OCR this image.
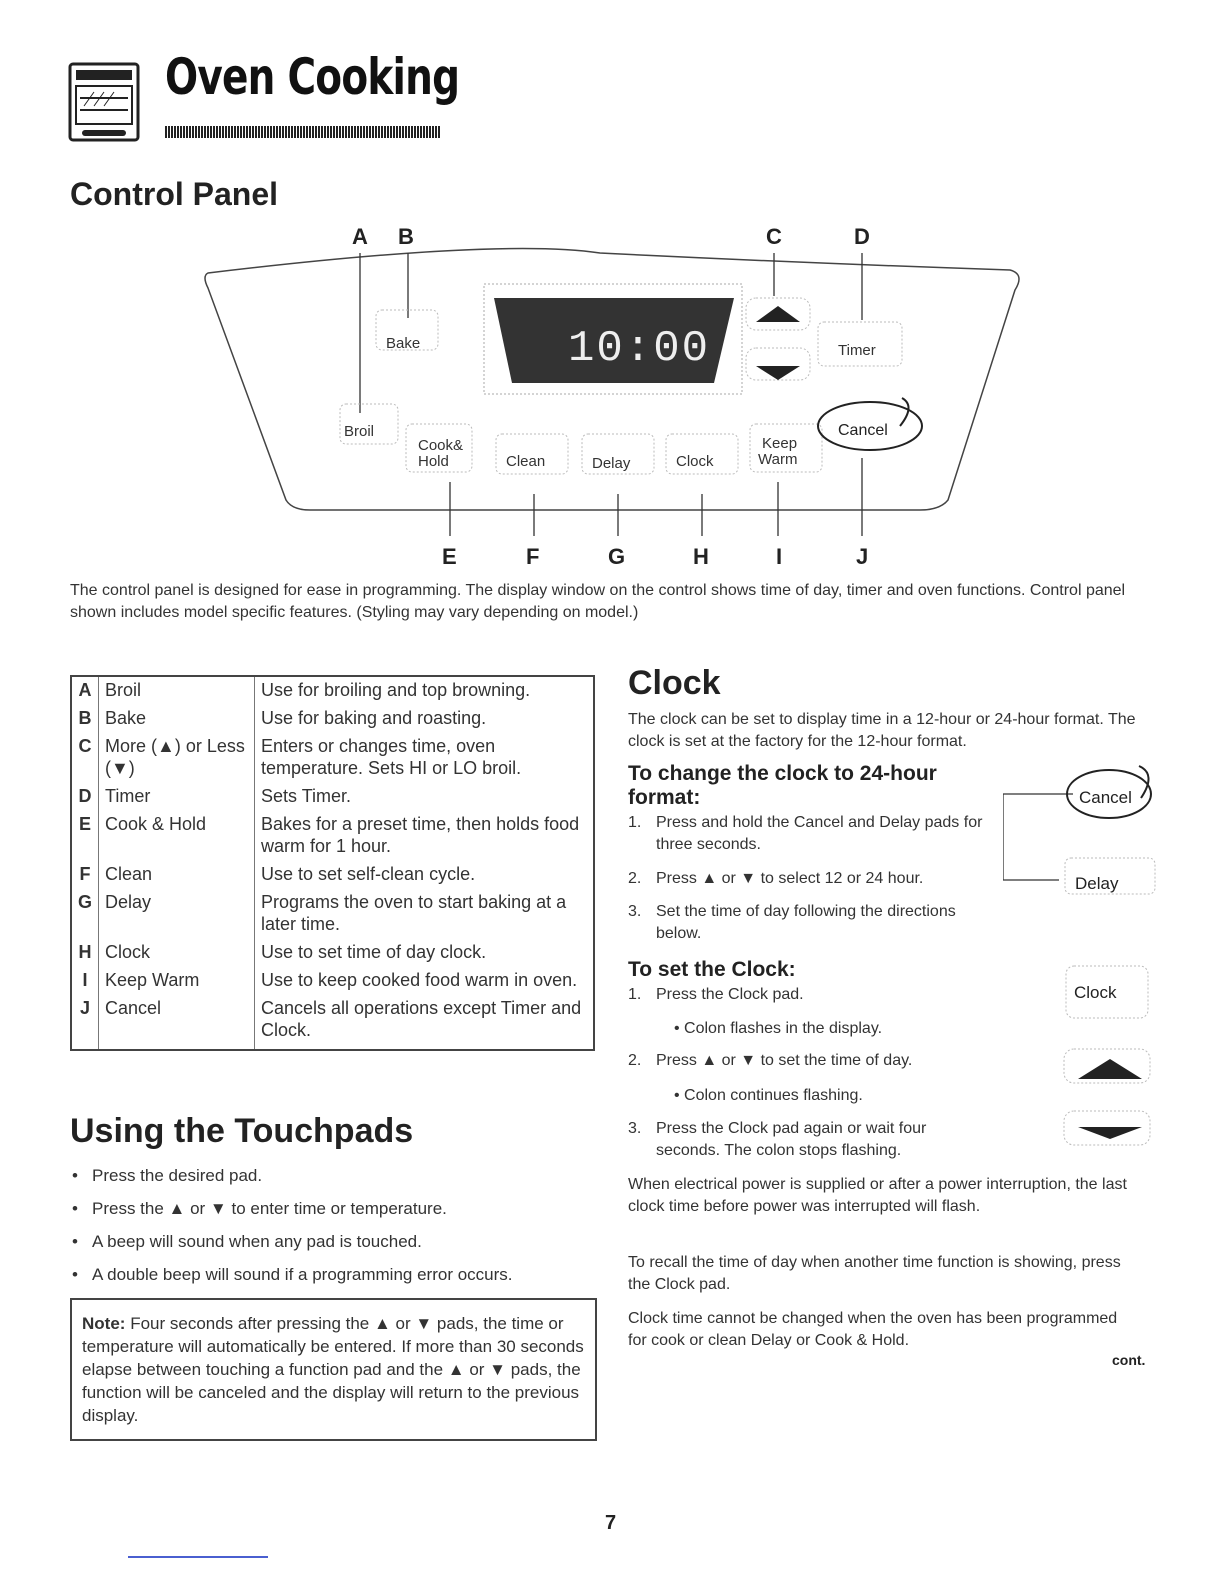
Oven Cooking
Control Panel
A B	C	D
10:00
Bake	Timer
Broil
Cook&
Hold	Clean	Delay	Clock
Keep
Warm
Cancel
E	F	G	H	I	J
The control panel is designed for ease in programming. The display window on the control shows time of day, timer and oven functions. Control panel shown includes model specific features. (Styling may vary depending on model.)
A	Broil	Use for broiling and top browning.
B	Bake	Use for baking and roasting.
C	More (▲) or Less (▼)	Enters or changes time, oven temperature. Sets HI or LO broil.
D	Timer	Sets Timer.
E	Cook & Hold	Bakes for a preset time, then holds food warm for 1 hour.
F	Clean	Use to set self-clean cycle.
G	Delay	Programs the oven to start baking at a later time.
H	Clock	Use to set time of day clock.
I	Keep Warm	Use to keep cooked food warm in oven.
J	Cancel	Cancels all operations except Timer and Clock.
Using the Touchpads
• Press the desired pad.
• Press the ▲ or ▼ to enter time or temperature.
• A beep will sound when any pad is touched.
• A double beep will sound if a programming error occurs.
Note: Four seconds after pressing the ▲ or ▼ pads, the time or temperature will automatically be entered. If more than 30 seconds elapse between touching a function pad and the ▲ or ▼ pads, the function will be canceled and the display will return to the previous display.
Clock
The clock can be set to display time in a 12-hour or 24-hour format. The clock is set at the factory for the 12-hour format.
To change the clock to 24-hour format:
1. Press and hold the Cancel and Delay pads for three seconds.
2. Press ▲ or ▼ to select 12 or 24 hour.
3. Set the time of day following the directions below.
To set the Clock:
1. Press the Clock pad.
• Colon flashes in the display.
2. Press ▲ or ▼ to set the time of day.
• Colon continues flashing.
3. Press the Clock pad again or wait four seconds. The colon stops flashing.
When electrical power is supplied or after a power interruption, the last clock time before power was interrupted will flash.
To recall the time of day when another time function is showing, press the Clock pad.
Clock time cannot be changed when the oven has been programmed for cook or clean Delay or Cook & Hold.
cont.
Cancel
Delay
Clock
7
